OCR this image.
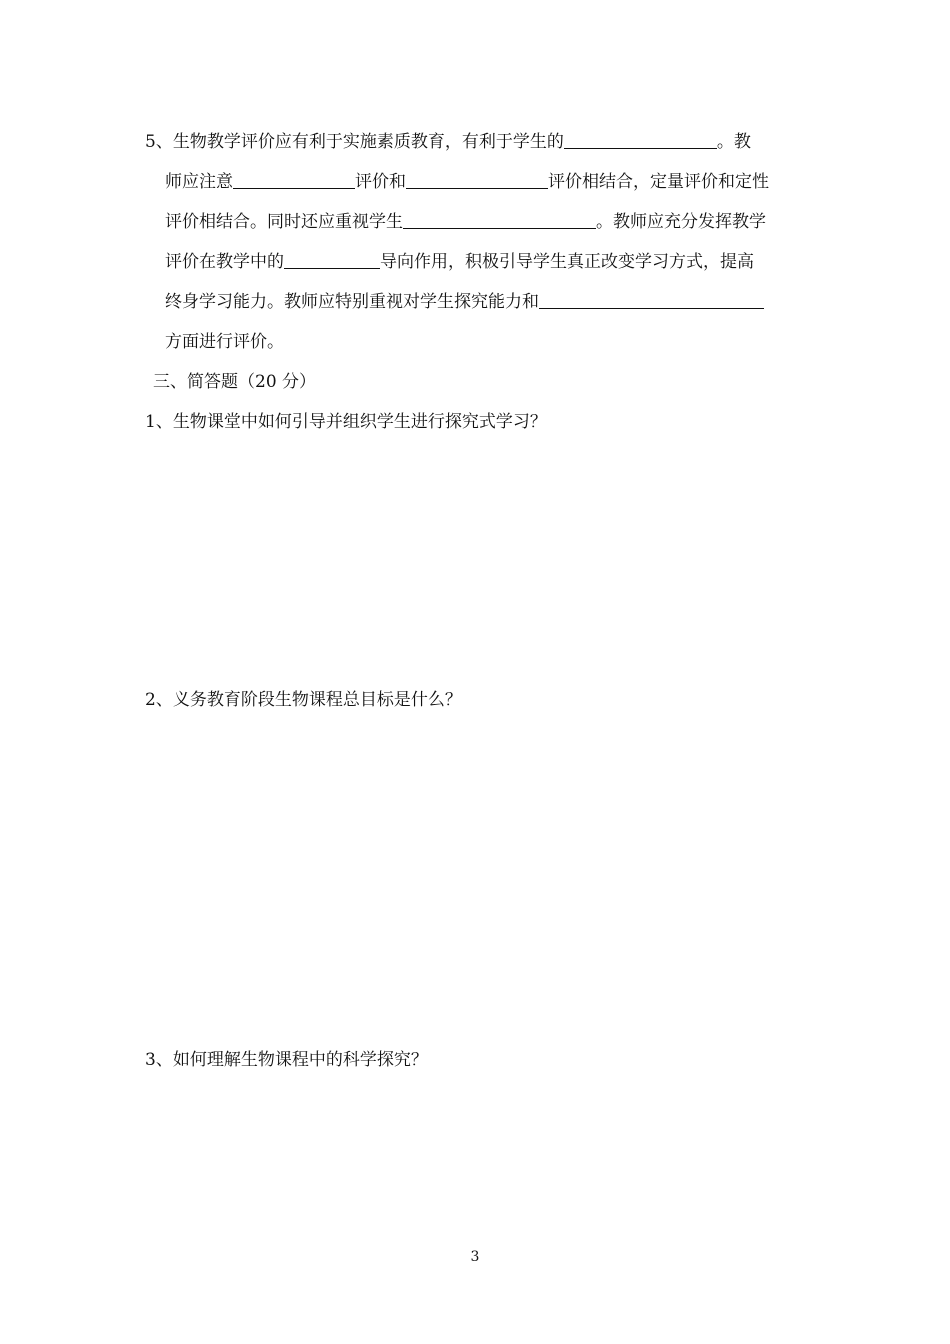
5、生物教学评价应有利于实施素质教育，有利于学生的	。教
师应注意	评价和	评价相结合，定量评价和定性
评价相结合。同时还应重视学生	。教师应充分发挥教学
评价在教学中的	导向作用，积极引导学生真正改变学习方式，提高
终身学习能力。教师应特别重视对学生探究能力和
方面进行评价。
三、简答题（20 分）
1、生物课堂中如何引导并组织学生进行探究式学习？
2、义务教育阶段生物课程总目标是什么？
3、如何理解生物课程中的科学探究？
3
